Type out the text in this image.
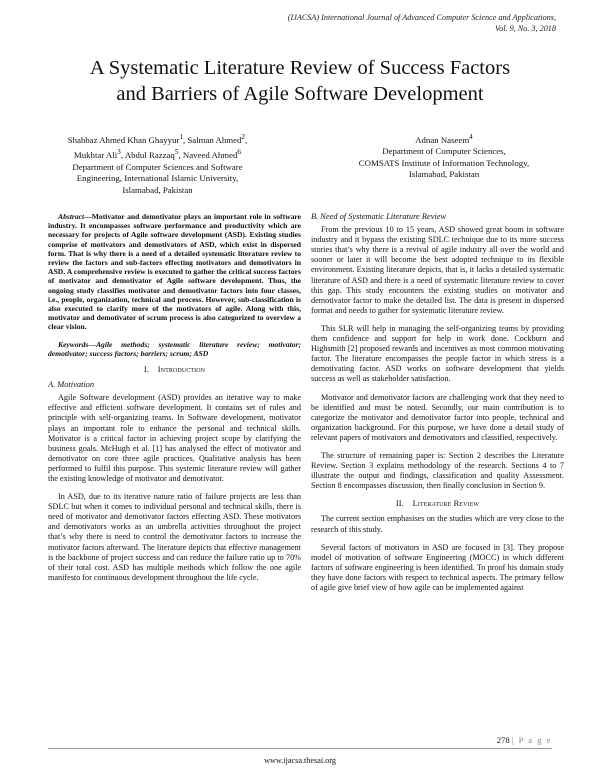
(IJACSA) International Journal of Advanced Computer Science and Applications,
Vol. 9, No. 3, 2018
A Systematic Literature Review of Success Factors
and Barriers of Agile Software Development
Shahbaz Ahmed Khan Ghayyur$^1$, Salman Ahmed$^2$,
Mukhtar Ali$^3$, Abdul Razzaq$^5$, Naveed Ahmed$^6$
Department of Computer Sciences and Software
Engineering, International Islamic University,
Islamabad, Pakistan
Adnan Naseem$^4$
Department of Computer Sciences,
COMSATS Institute of Information Technology,
Islamabad, Pakistan

Abstract—Motivator and demotivator plays an important role in software industry. It encompasses software performance and productivity which are necessary for projects of Agile software development (ASD). Existing studies comprise of motivators and demotivators of ASD, which exist in dispersed form. That is why there is a need of a detailed systematic literature review to review the factors and sub-factors effecting motivators and demotivators in ASD. A comprehensive review is executed to gather the critical success factors of motivator and demotivator of Agile software development. Thus, the ongoing study classifies motivator and demotivator factors into four classes, i.e., people, organization, technical and process. However, sub-classification is also executed to clarify more of the motivators of agile. Along with this, motivator and demotivator of scrum process is also categorized to overview a clear vision.

Keywords—Agile methods; systematic literature review; motivator; demotivator; success factors; barriers; scrum; ASD

I. Introduction
A. Motivation

Agile Software development (ASD) provides an iterative way to make effective and efficient software development. It contains set of rules and principle with self-organizing teams. In Software development, motivator plays an important role to enhance the personal and technical skills. Motivator is a critical factor in achieving project scope by clarifying the business goals. McHugh et al. [1] has analysed the effect of motivator and demotivator on core three agile practices. Qualitative analysis has been performed to fulfil this purpose. This systemic literature review will gather the existing knowledge of motivator and demotivator.

In ASD, due to its iterative nature ratio of failure projects are less than SDLC but when it comes to individual personal and technical skills, there is need of motivator and demotivator factors effecting ASD. These motivators and demotivators works as an umbrella activities throughout the project that’s why there is need to control the demotivator factors to increase the motivator factors afterward. The literature depicts that effective management is the backbone of project success and can reduce the failure ratio up to 70% of their total cost. ASD has multiple methods which follow the one agile manifesto for continuous development throughout the life cycle.

B. Need of Systematic Literature Review

From the previous 10 to 15 years, ASD showed great boom in software industry and it bypass the existing SDLC technique due to its more success stories that’s why there is a revival of agile industry all over the world and sooner or later it will become the best adopted technique to its flexible environment. Existing literature depicts, that is, it lacks a detailed systematic literature of ASD and there is a need of systematic literature review to cover this gap. This study encounters the existing studies on motivator and demotivator factor to make the detailed list. The data is present in dispersed format and needs to gather for systematic literature review.

This SLR will help in managing the self-organizing teams by providing them confidence and support for help in work done. Cockburn and Highsmith [2] proposed rewards and incentives as most common motivating factor. The literature encompasses the people factor in which stress is a demotivating factor. ASD works on software development that yields success as well as stakeholder satisfaction.

Motivator and demotivator factors are challenging work that they need to be identified and must be noted. Secondly, our main contribution is to categorize the motivator and demotivator factor into people, technical and organization background. For this purpose, we have done a detail study of relevant papers of motivators and demotivators and classified, respectively.

The structure of remaining paper is: Section 2 describes the Literature Review. Section 3 explains methodology of the research. Sections 4 to 7 illustrate the output and findings, classification and quality Assessment. Section 8 encompasses discussion, then finally conclusion in Section 9.

II. Literature Review

The current section emphasises on the studies which are very close to the research of this study.

Several factors of motivators in ASD are focused in [3]. They propose model of motivation of software Engineering (MOCC) in which different factors of software engineering is been identified. To proof his domain study they have done factors with respect to technical aspects. The primary fellow of agile give brief view of how agile can be implemented against

278 | P a g e
www.ijacsa.thesai.org
